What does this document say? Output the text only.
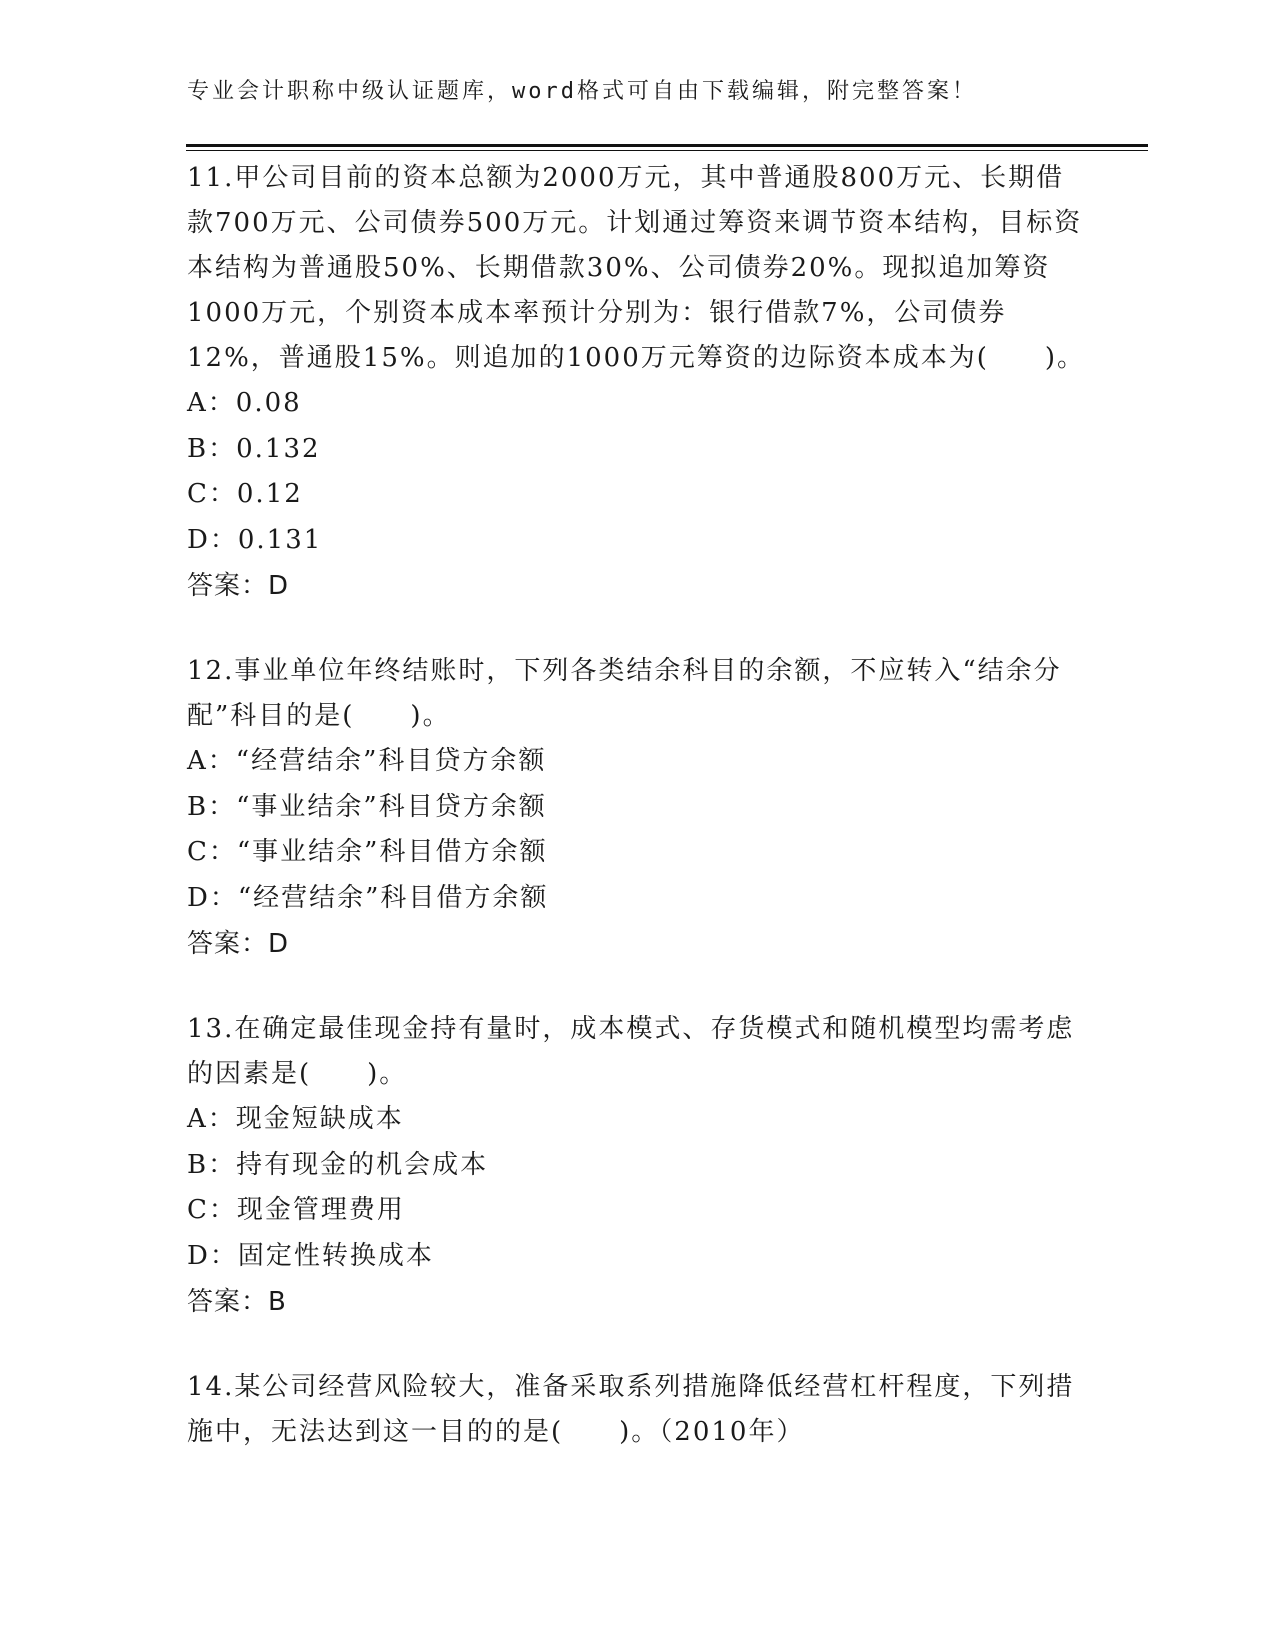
专业会计职称中级认证题库，word格式可自由下载编辑，附完整答案！
11.甲公司目前的资本总额为2000万元，其中普通股800万元、长期借款700万元、公司债券500万元。计划通过筹资来调节资本结构，目标资本结构为普通股50%、长期借款30%、公司债券20%。现拟追加筹资1000万元，个别资本成本率预计分别为：银行借款7%，公司债券12%，普通股15%。则追加的1000万元筹资的边际资本成本为(　　)。
A：0.08
B：0.132
C：0.12
D：0.131
答案：D
12.事业单位年终结账时，下列各类结余科目的余额，不应转入“结余分配”科目的是(　　)。
A：“经营结余”科目贷方余额
B：“事业结余”科目贷方余额
C：“事业结余”科目借方余额
D：“经营结余”科目借方余额
答案：D
13.在确定最佳现金持有量时，成本模式、存货模式和随机模型均需考虑的因素是(　　)。
A：现金短缺成本
B：持有现金的机会成本
C：现金管理费用
D：固定性转换成本
答案：B
14.某公司经营风险较大，准备采取系列措施降低经营杠杆程度，下列措施中，无法达到这一目的的是(　　)。（2010年）
